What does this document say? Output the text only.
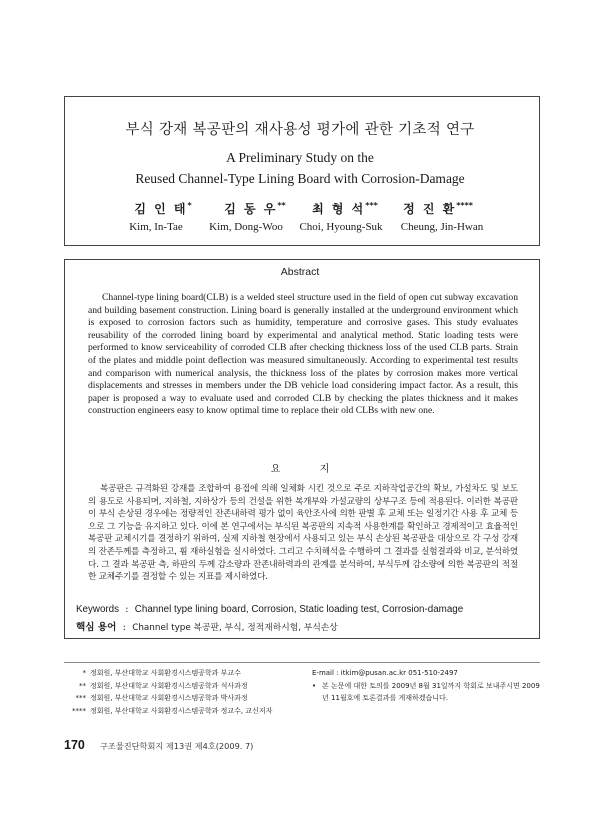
부식 강재 복공판의 재사용성 평가에 관한 기초적 연구
A Preliminary Study on the
Reused Channel-Type Lining Board with Corrosion-Damage
김 인 태*	김 동 우**	최 형 석***	정 진 환****
Kim, In-Tae	Kim, Dong-Woo	Choi, Hyoung-Suk	Cheung, Jin-Hwan
Abstract

Channel-type lining board(CLB) is a welded steel structure used in the field of open cut subway excavation and building basement construction. Lining board is generally installed at the underground environment which is exposed to corrosion factors such as humidity, temperature and corrosive gases. This study evaluates reusability of the corroded lining board by experimental and analytical method. Static loading tests were performed to know serviceability of corroded CLB after checking thickness loss of the used CLB parts. Strain of the plates and middle point deflection was measured simultaneously. According to experimental test results and comparison with numerical analysis, the thickness loss of the plates by corrosion makes more vertical displacements and stresses in members under the DB vehicle load considering impact factor. As a result, this paper is proposed a way to evaluate used and corroded CLB by checking the plates thickness and it makes construction engineers easy to know optimal time to replace their old CLBs with new one.

요 지

복공판은 규격화된 강재를 조합하여 용접에 의해 일체화 시킨 것으로 주로 지하작업공간의 확보, 가설차도 및 보도의 용도로 사용되며, 지하철, 지하상가 등의 건설을 위한 복개부와 가설교량의 상부구조 등에 적용된다. 이러한 복공판이 부식 손상된 경우에는 정량적인 잔존내하력 평가 없이 육안조사에 의한 판별 후 교체 또는 일정기간 사용 후 교체 등으로 그 기능을 유지하고 있다. 이에 본 연구에서는 부식된 복공판의 지속적 사용한계를 확인하고 경제적이고 효율적인 복공판 교체시기를 결정하기 위하여, 실제 지하철 현장에서 사용되고 있는 부식 손상된 복공판을 대상으로 각 구성 강재의 잔존두께를 측정하고, 휨 재하실험을 실시하였다. 그리고 수치해석을 수행하여 그 결과를 실험결과와 비교, 분석하였다. 그 결과 복공판 측, 하판의 두께 감소량과 잔존내하력과의 관계를 분석하여, 부식두께 감소량에 의한 복공판의 적절한 교체주기를 결정할 수 있는 지표를 제시하였다.

Keywords  :  Channel type lining board, Corrosion, Static loading test, Corrosion-damage
핵심 용어  :  Channel type 복공판, 부식, 정적재하시험, 부식손상
* 정회원, 부산대학교 사회환경시스템공학과 부교수
** 정회원, 부산대학교 사회환경시스템공학과 석사과정
*** 정회원, 부산대학교 사회환경시스템공학과 박사과정
**** 정회원, 부산대학교 사회환경시스템공학과 정교수, 교신저자
E-mail : itkim@pusan.ac.kr 051-510-2497
• 본 논문에 대한 토의를 2009년 8월 31일까지 학회로 보내주시면 2009년 11월호에 토론결과를 게재하겠습니다.
170 구조물진단학회지 제13권 제4호(2009. 7)
